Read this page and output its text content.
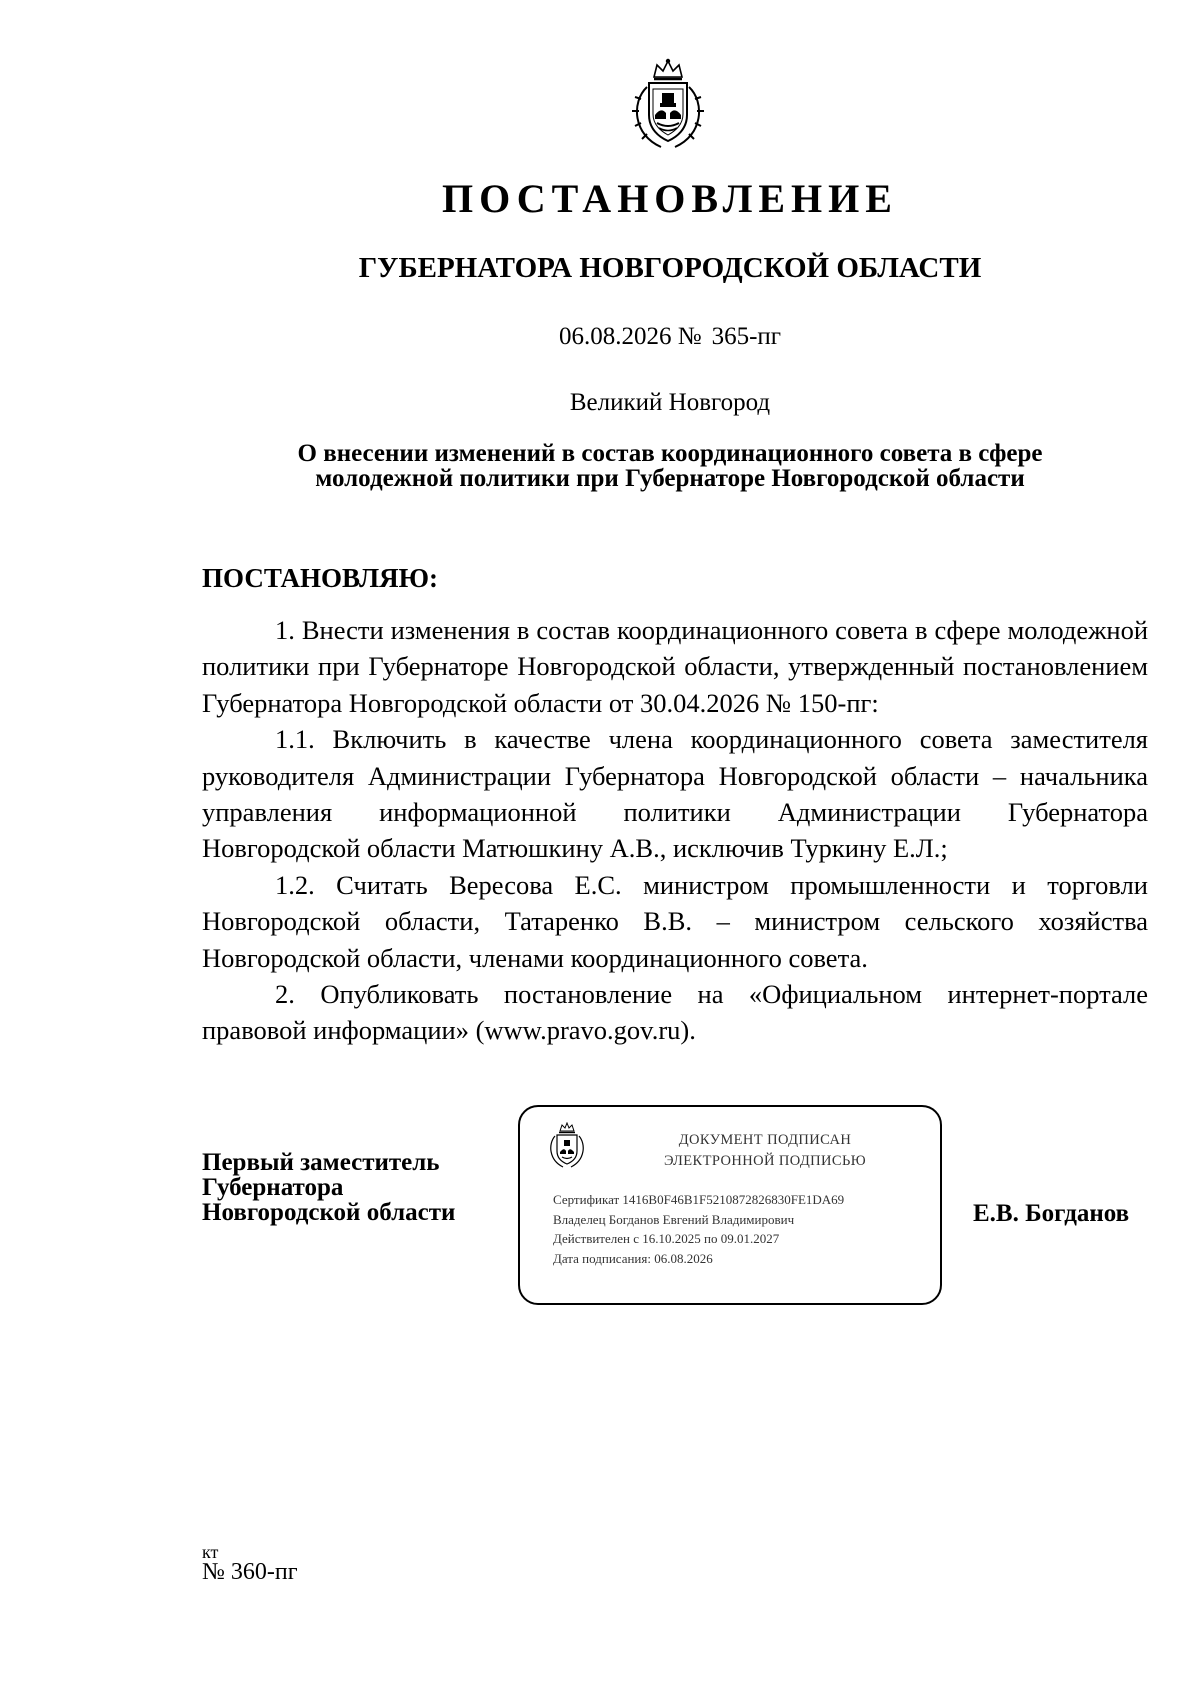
ПОСТАНОВЛЕНИЕ
ГУБЕРНАТОРА НОВГОРОДСКОЙ ОБЛАСТИ
06.08.2026 № 365-пг
Великий Новгород
О внесении изменений в состав координационного совета в сфере
молодежной политики при Губернаторе Новгородской области
ПОСТАНОВЛЯЮ:

1. Внести изменения в состав координационного совета в сфере молодежной политики при Губернаторе Новгородской области, утвержденный постановлением Губернатора Новгородской области от 30.04.2026 № 150-пг:

1.1. Включить в качестве члена координационного совета заместителя руководителя Администрации Губернатора Новгородской области – начальника управления информационной политики Администрации Губернатора Новгородской области Матюшкину А.В., исключив Туркину Е.Л.;

1.2. Считать Вересова Е.С. министром промышленности и торговли Новгородской области, Татаренко В.В. – министром сельского хозяйства Новгородской области, членами координационного совета.

2. Опубликовать постановление на «Официальном интернет-портале правовой информации» (www.pravo.gov.ru).

Первый заместитель
Губернатора
Новгородской области
ДОКУМЕНТ ПОДПИСАН
ЭЛЕКТРОННОЙ ПОДПИСЬЮ
Сертификат 1416B0F46B1F5210872826830FE1DA69
Владелец Богданов Евгений Владимирович
Действителен с 16.10.2025 по 09.01.2027
Дата подписания: 06.08.2026
Е.В. Богданов
кт
№ 360-пг
